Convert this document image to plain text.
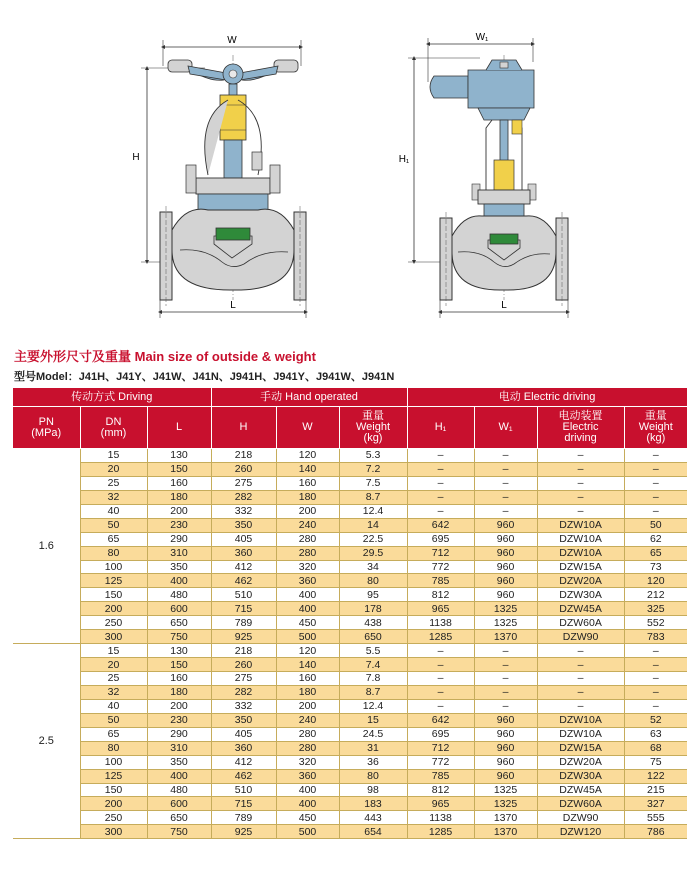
W
H
L
W₁
H₁
L
主要外形尺寸及重量 Main size of outside & weight
型号Model：J41H、J41Y、J41W、J41N、J941H、J941Y、J941W、J941N
传动方式 Driving			手动 Hand operated			电动 Electric driving			
PN
(MPa)	DN
(mm)	L	H	W	重量
Weight
(kg)	H₁	W₁	电动装置
Electric
driving	重量
Weight
(kg)
1.6	15	130	218	120	5.3	–	–	–	–
	20	150	260	140	7.2	–	–	–	–
	25	160	275	160	7.5	–	–	–	–
	32	180	282	180	8.7	–	–	–	–
	40	200	332	200	12.4	–	–	–	–
	50	230	350	240	14	642	960	DZW10A	50
	65	290	405	280	22.5	695	960	DZW10A	62
	80	310	360	280	29.5	712	960	DZW10A	65
	100	350	412	320	34	772	960	DZW15A	73
	125	400	462	360	80	785	960	DZW20A	120
	150	480	510	400	95	812	960	DZW30A	212
	200	600	715	400	178	965	1325	DZW45A	325
	250	650	789	450	438	1138	1325	DZW60A	552
	300	750	925	500	650	1285	1370	DZW90	783
2.5	15	130	218	120	5.5	–	–	–	–
	20	150	260	140	7.4	–	–	–	–
	25	160	275	160	7.8	–	–	–	–
	32	180	282	180	8.7	–	–	–	–
	40	200	332	200	12.4	–	–	–	–
	50	230	350	240	15	642	960	DZW10A	52
	65	290	405	280	24.5	695	960	DZW10A	63
	80	310	360	280	31	712	960	DZW15A	68
	100	350	412	320	36	772	960	DZW20A	75
	125	400	462	360	80	785	960	DZW30A	122
	150	480	510	400	98	812	1325	DZW45A	215
	200	600	715	400	183	965	1325	DZW60A	327
	250	650	789	450	443	1138	1370	DZW90	555
	300	750	925	500	654	1285	1370	DZW120	786
